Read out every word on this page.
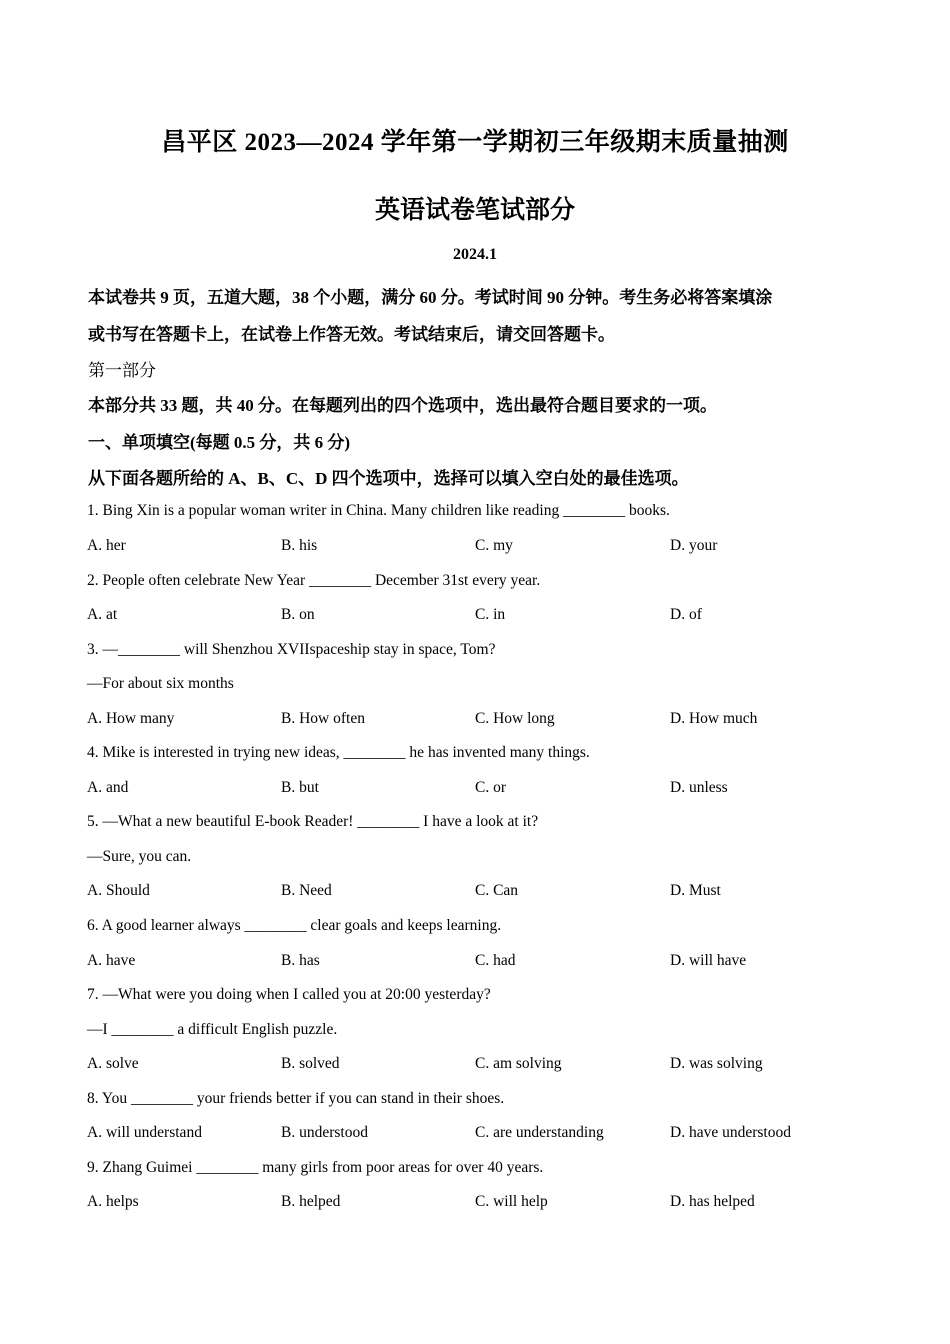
昌平区 2023—2024 学年第一学期初三年级期末质量抽测
英语试卷笔试部分
2024.1
本试卷共 9 页，五道大题，38 个小题，满分 60 分。考试时间 90 分钟。考生务必将答案填涂
或书写在答题卡上，在试卷上作答无效。考试结束后，请交回答题卡。
第一部分
本部分共 33 题，共 40 分。在每题列出的四个选项中，选出最符合题目要求的一项。
一、单项填空(每题 0.5 分，共 6 分)
从下面各题所给的 A、B、C、D 四个选项中，选择可以填入空白处的最佳选项。
1. Bing Xin is a popular woman writer in China. Many children like reading ________ books.
A. her	B. his	C. my	D. your
2. People often celebrate New Year ________ December 31st every year.
A. at	B. on	C. in	D. of
3. —________ will Shenzhou XVIIspaceship stay in space, Tom?
—For about six months
A. How many	B. How often	C. How long	D. How much
4. Mike is interested in trying new ideas, ________ he has invented many things.
A. and	B. but	C. or	D. unless
5. —What a new beautiful E-book Reader! ________ I have a look at it?
—Sure, you can.
A. Should	B. Need	C. Can	D. Must
6. A good learner always ________ clear goals and keeps learning.
A. have	B. has	C. had	D. will have
7. —What were you doing when I called you at 20:00 yesterday?
—I ________ a difficult English puzzle.
A. solve	B. solved	C. am solving	D. was solving
8. You ________ your friends better if you can stand in their shoes.
A. will understand	B. understood	C. are understanding	D. have understood
9. Zhang Guimei ________ many girls from poor areas for over 40 years.
A. helps	B. helped	C. will help	D. has helped
